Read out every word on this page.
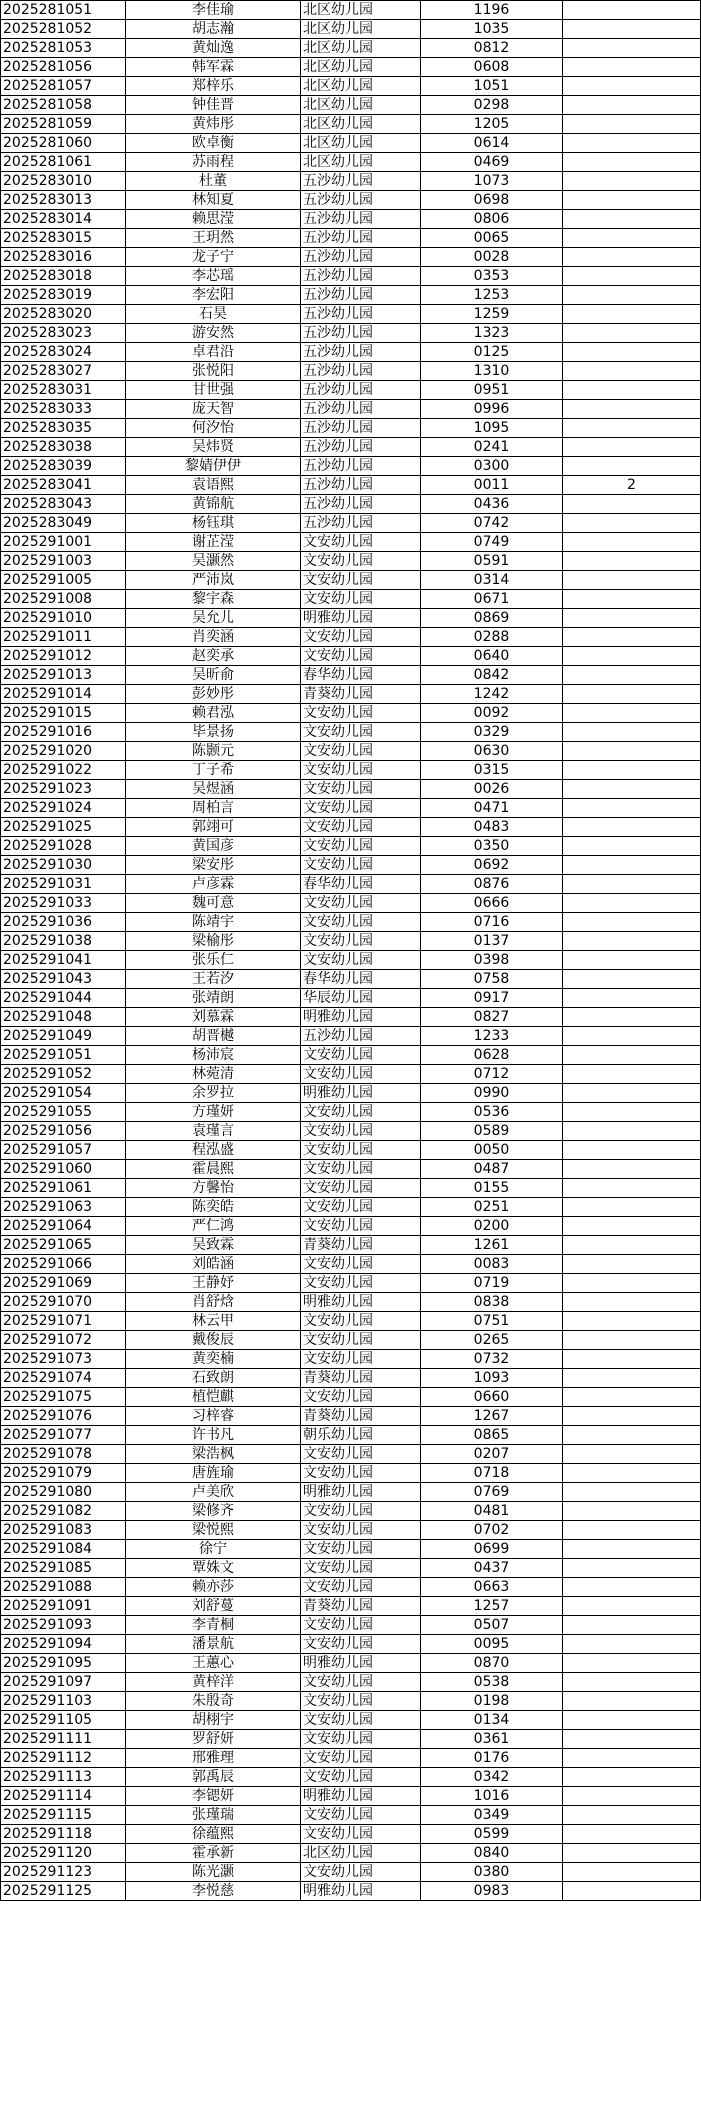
2025281051	李佳瑜	北区幼儿园	1196	
2025281052	胡志瀚	北区幼儿园	1035	
2025281053	黄灿逸	北区幼儿园	0812	
2025281056	韩军霖	北区幼儿园	0608	
2025281057	郑梓乐	北区幼儿园	1051	
2025281058	钟佳晋	北区幼儿园	0298	
2025281059	黄炜彤	北区幼儿园	1205	
2025281060	欧卓衡	北区幼儿园	0614	
2025281061	苏雨程	北区幼儿园	0469	
2025283010	杜董	五沙幼儿园	1073	
2025283013	林知夏	五沙幼儿园	0698	
2025283014	赖思滢	五沙幼儿园	0806	
2025283015	王玥然	五沙幼儿园	0065	
2025283016	龙子宁	五沙幼儿园	0028	
2025283018	李芯瑶	五沙幼儿园	0353	
2025283019	李宏阳	五沙幼儿园	1253	
2025283020	石昊	五沙幼儿园	1259	
2025283023	游安然	五沙幼儿园	1323	
2025283024	卓君沿	五沙幼儿园	0125	
2025283027	张悦阳	五沙幼儿园	1310	
2025283031	甘世强	五沙幼儿园	0951	
2025283033	庞天智	五沙幼儿园	0996	
2025283035	何汐怡	五沙幼儿园	1095	
2025283038	吴炜贤	五沙幼儿园	0241	
2025283039	黎婧伊伊	五沙幼儿园	0300	
2025283041	袁语熙	五沙幼儿园	0011	2
2025283043	黄锦航	五沙幼儿园	0436	
2025283049	杨钰琪	五沙幼儿园	0742	
2025291001	谢芷滢	文安幼儿园	0749	
2025291003	吴灏然	文安幼儿园	0591	
2025291005	严沛岚	文安幼儿园	0314	
2025291008	黎宇森	文安幼儿园	0671	
2025291010	吴允儿	明雅幼儿园	0869	
2025291011	肖奕涵	文安幼儿园	0288	
2025291012	赵奕承	文安幼儿园	0640	
2025291013	吴昕俞	春华幼儿园	0842	
2025291014	彭妙彤	青葵幼儿园	1242	
2025291015	赖君泓	文安幼儿园	0092	
2025291016	毕景扬	文安幼儿园	0329	
2025291020	陈颢元	文安幼儿园	0630	
2025291022	丁子希	文安幼儿园	0315	
2025291023	吴煜涵	文安幼儿园	0026	
2025291024	周柏言	文安幼儿园	0471	
2025291025	郭翊可	文安幼儿园	0483	
2025291028	黄国彦	文安幼儿园	0350	
2025291030	梁安彤	文安幼儿园	0692	
2025291031	卢彦霖	春华幼儿园	0876	
2025291033	魏可意	文安幼儿园	0666	
2025291036	陈靖宇	文安幼儿园	0716	
2025291038	梁榆彤	文安幼儿园	0137	
2025291041	张乐仁	文安幼儿园	0398	
2025291043	王若汐	春华幼儿园	0758	
2025291044	张靖朗	华辰幼儿园	0917	
2025291048	刘慕霖	明雅幼儿园	0827	
2025291049	胡晋樾	五沙幼儿园	1233	
2025291051	杨沛宸	文安幼儿园	0628	
2025291052	林菀清	文安幼儿园	0712	
2025291054	余罗拉	明雅幼儿园	0990	
2025291055	方瑾妍	文安幼儿园	0536	
2025291056	袁瑾言	文安幼儿园	0589	
2025291057	程泓盛	文安幼儿园	0050	
2025291060	霍晨熙	文安幼儿园	0487	
2025291061	方馨怡	文安幼儿园	0155	
2025291063	陈奕皓	文安幼儿园	0251	
2025291064	严仁鸿	文安幼儿园	0200	
2025291065	吴致霖	青葵幼儿园	1261	
2025291066	刘皓涵	文安幼儿园	0083	
2025291069	王静妤	文安幼儿园	0719	
2025291070	肖舒焓	明雅幼儿园	0838	
2025291071	林云甲	文安幼儿园	0751	
2025291072	戴俊辰	文安幼儿园	0265	
2025291073	黄奕楠	文安幼儿园	0732	
2025291074	石致朗	青葵幼儿园	1093	
2025291075	植恺麒	文安幼儿园	0660	
2025291076	习梓睿	青葵幼儿园	1267	
2025291077	许书凡	朝乐幼儿园	0865	
2025291078	梁浩枫	文安幼儿园	0207	
2025291079	唐旌瑜	文安幼儿园	0718	
2025291080	卢美欣	明雅幼儿园	0769	
2025291082	梁修齐	文安幼儿园	0481	
2025291083	梁悦熙	文安幼儿园	0702	
2025291084	徐宁	文安幼儿园	0699	
2025291085	覃姝文	文安幼儿园	0437	
2025291088	赖亦莎	文安幼儿园	0663	
2025291091	刘舒蔓	青葵幼儿园	1257	
2025291093	李青桐	文安幼儿园	0507	
2025291094	潘景航	文安幼儿园	0095	
2025291095	王蕙心	明雅幼儿园	0870	
2025291097	黄梓洋	文安幼儿园	0538	
2025291103	朱殷奇	文安幼儿园	0198	
2025291105	胡栩宇	文安幼儿园	0134	
2025291111	罗舒妍	文安幼儿园	0361	
2025291112	邢雅理	文安幼儿园	0176	
2025291113	郭禹辰	文安幼儿园	0342	
2025291114	李锶妍	明雅幼儿园	1016	
2025291115	张瑾瑞	文安幼儿园	0349	
2025291118	徐蕴熙	文安幼儿园	0599	
2025291120	霍承新	北区幼儿园	0840	
2025291123	陈光灏	文安幼儿园	0380	
2025291125	李悦慈	明雅幼儿园	0983	
